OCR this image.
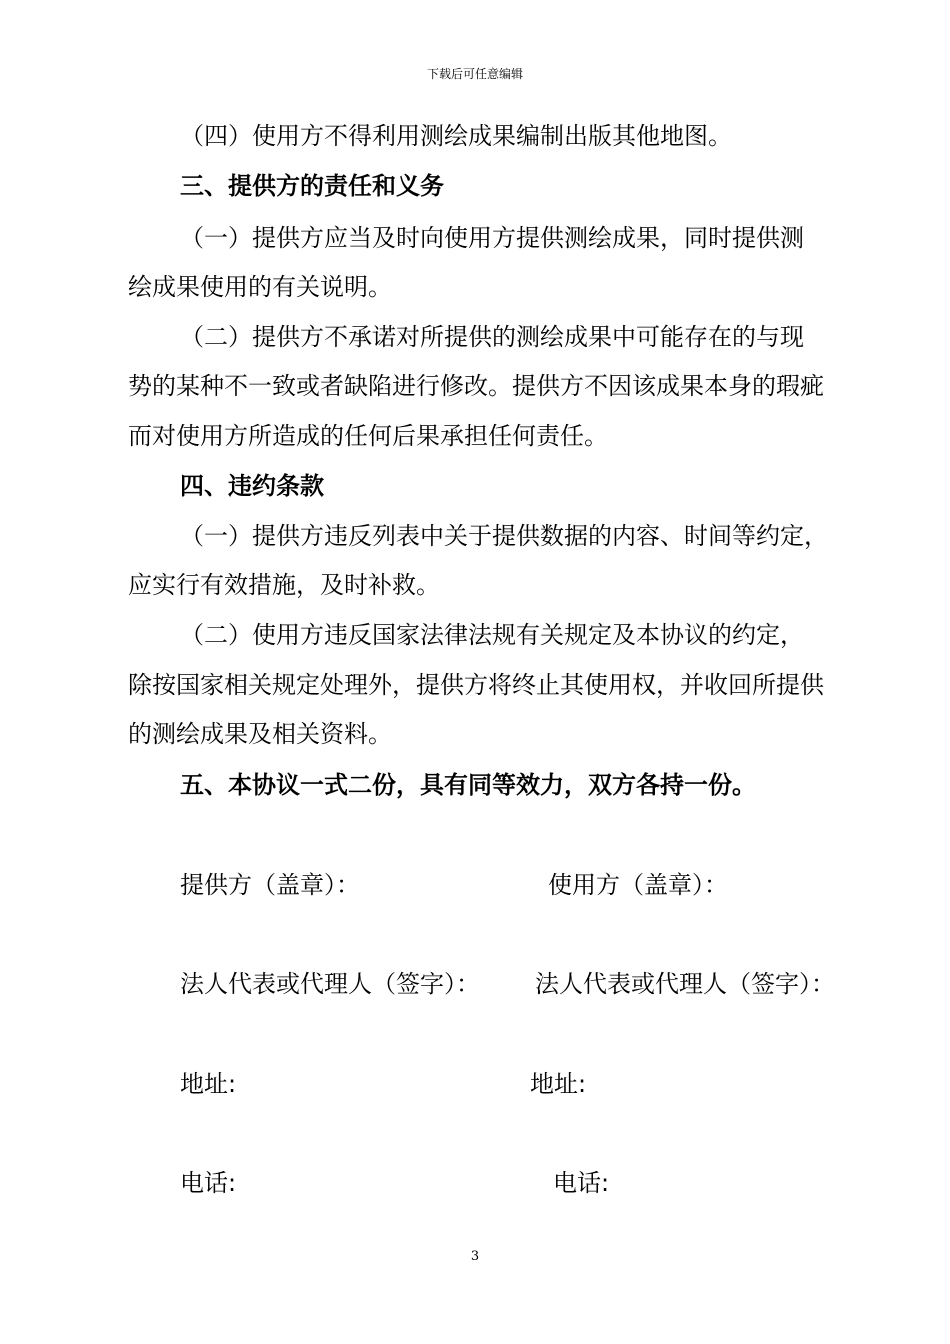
下载后可任意编辑
（四）使用方不得利用测绘成果编制出版其他地图。
三、提供方的责任和义务
（一）提供方应当及时向使用方提供测绘成果，同时提供测
绘成果使用的有关说明。
（二）提供方不承诺对所提供的测绘成果中可能存在的与现
势的某种不一致或者缺陷进行修改。提供方不因该成果本身的瑕疵
而对使用方所造成的任何后果承担任何责任。
四、违约条款
（一）提供方违反列表中关于提供数据的内容、时间等约定，
应实行有效措施，及时补救。
（二）使用方违反国家法律法规有关规定及本协议的约定，
除按国家相关规定处理外，提供方将终止其使用权，并收回所提供
的测绘成果及相关资料。
五、本协议一式二份，具有同等效力，双方各持一份。
提供方（盖章）：	使用方（盖章）：
法人代表或代理人（签字）： 法人代表或代理人（签字）：
地址:	地址:
电话:	电话:
3
